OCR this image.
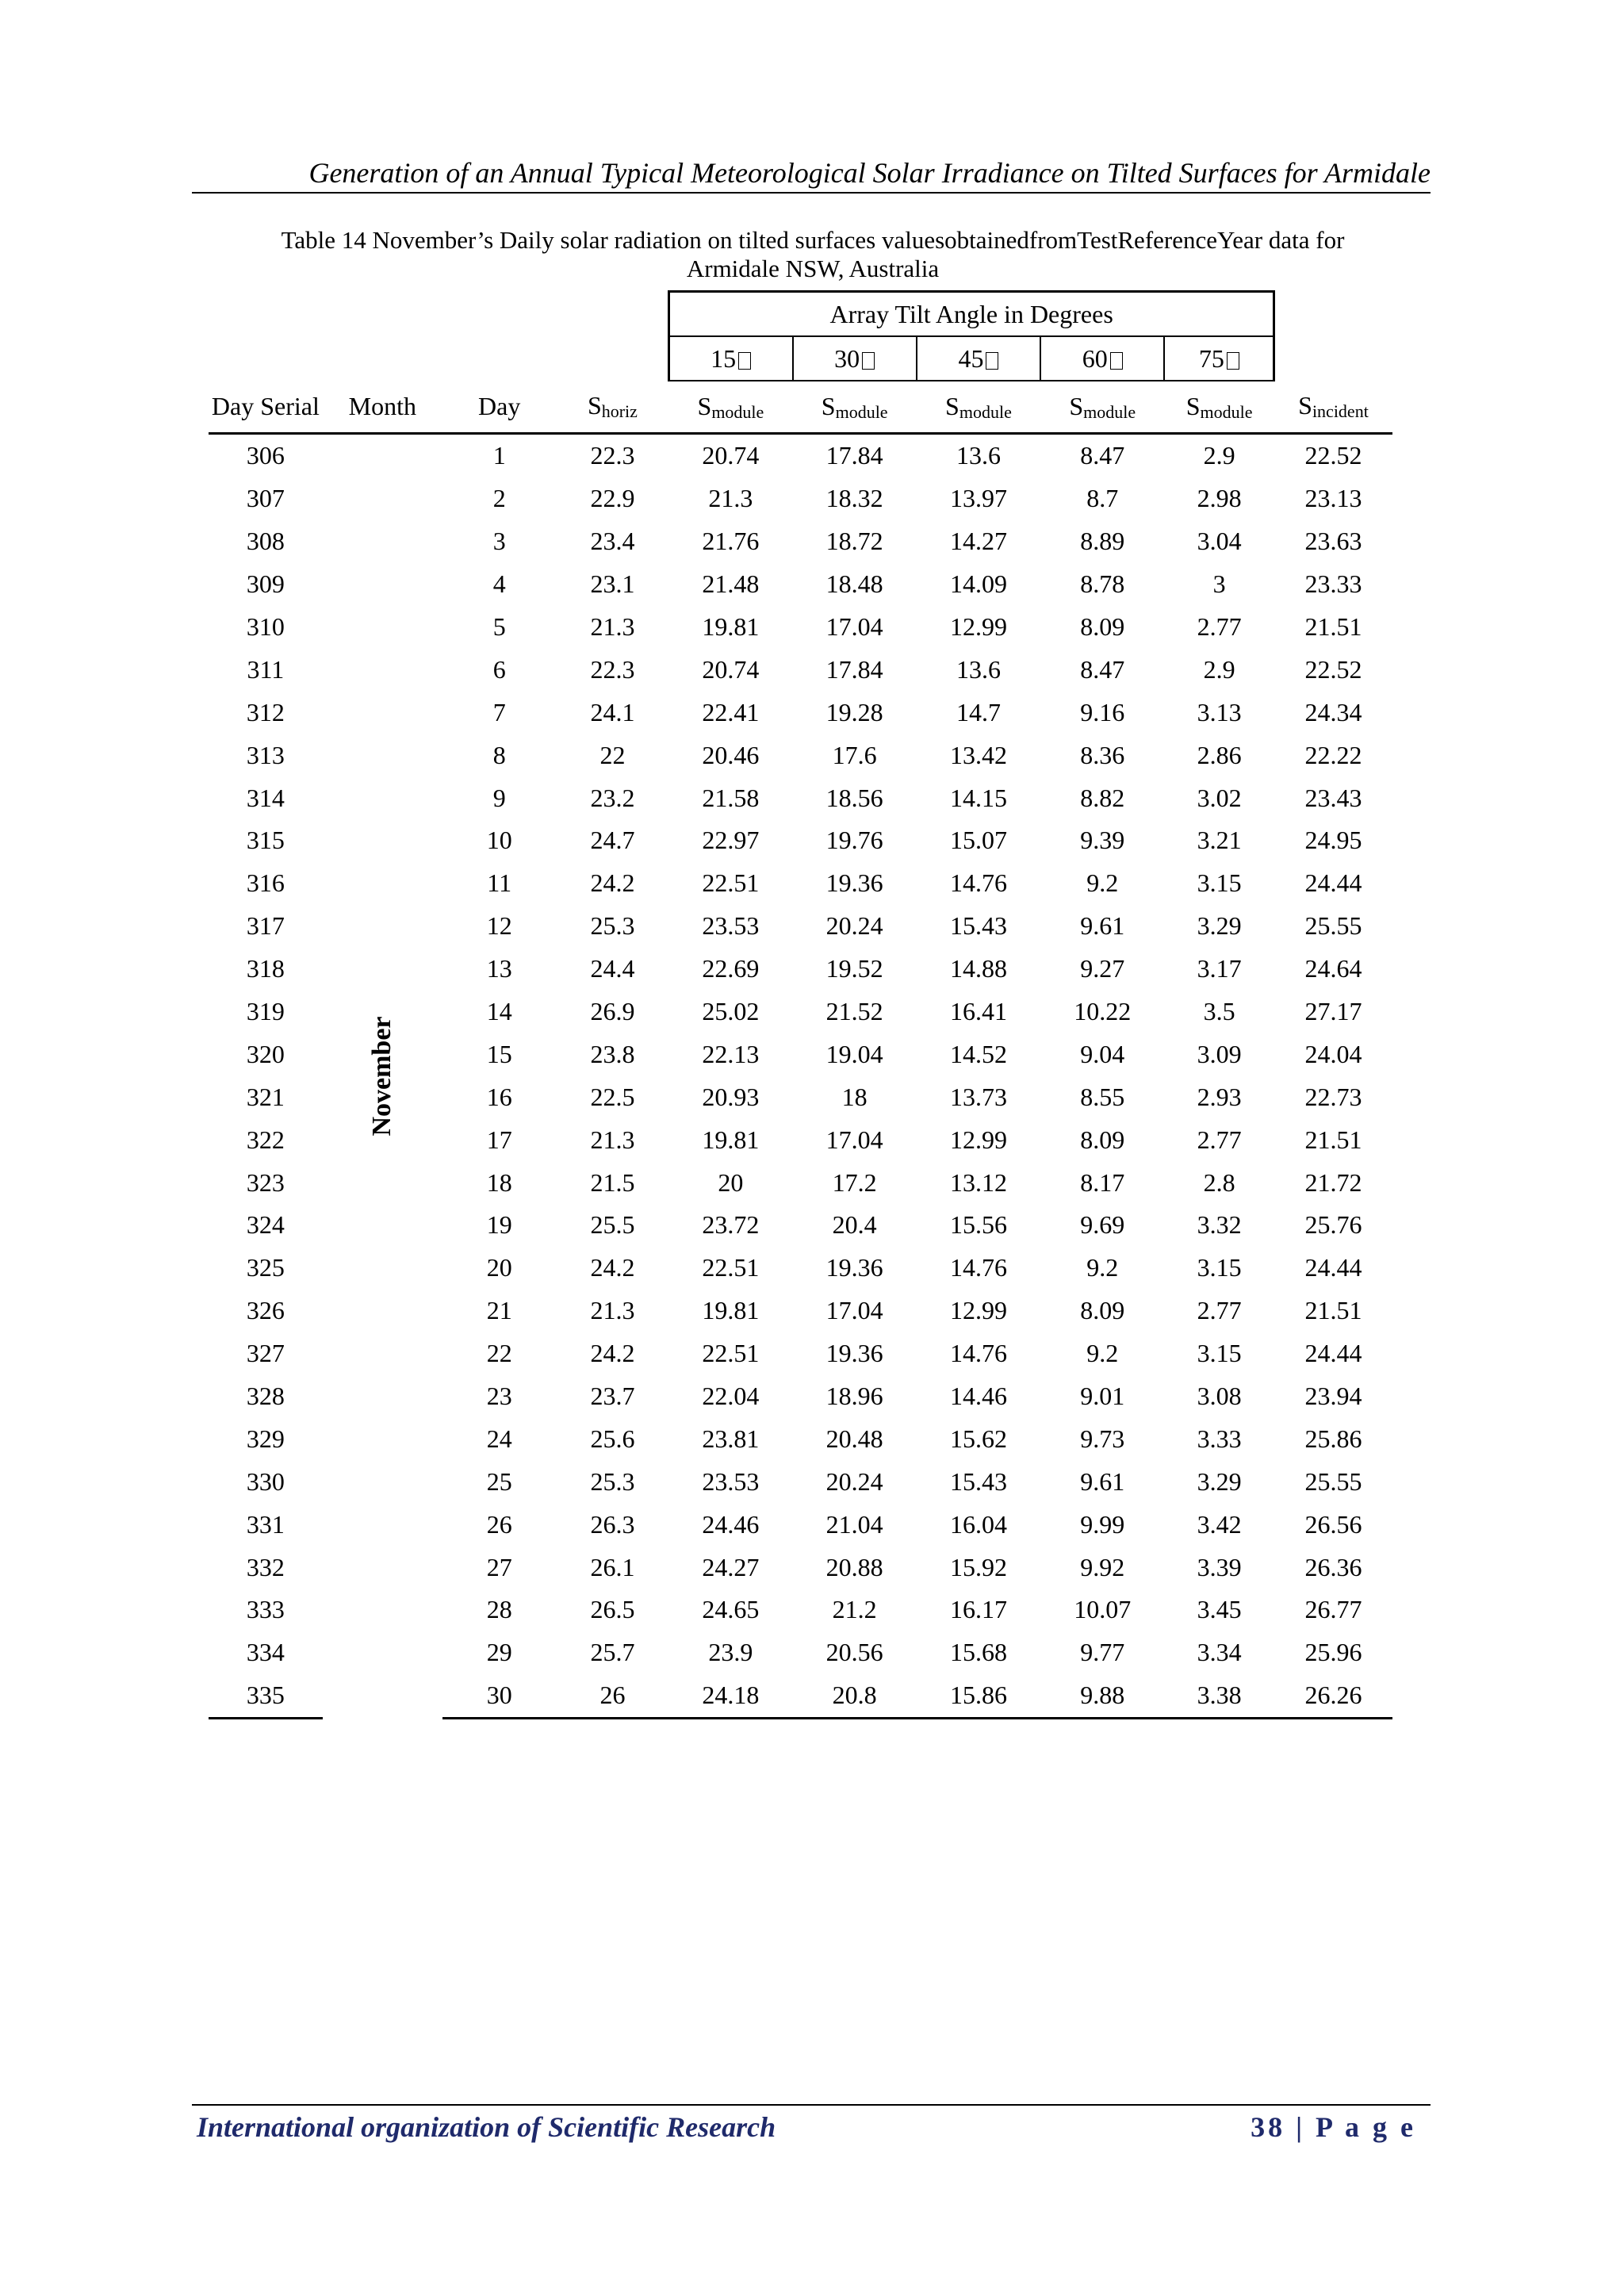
Generation of an Annual Typical Meteorological Solar Irradiance on Tilted Surfaces for Armidale
Table 14 November’s Daily solar radiation on tilted surfaces valuesobtainedfromTestReferenceYear data for
Armidale NSW, Australia
				Array Tilt Angle in Degrees					
				15	30	45	60	75	
Day Serial	Month	Day	$S_{horiz}$	$S_{module}$	$S_{module}$	$S_{module}$	$S_{module}$	$S_{module}$	$S_{incident}$
306	November	1	22.3	20.74	17.84	13.6	8.47	2.9	22.52
307		2	22.9	21.3	18.32	13.97	8.7	2.98	23.13
308		3	23.4	21.76	18.72	14.27	8.89	3.04	23.63
309		4	23.1	21.48	18.48	14.09	8.78	3	23.33
310		5	21.3	19.81	17.04	12.99	8.09	2.77	21.51
311		6	22.3	20.74	17.84	13.6	8.47	2.9	22.52
312		7	24.1	22.41	19.28	14.7	9.16	3.13	24.34
313		8	22	20.46	17.6	13.42	8.36	2.86	22.22
314		9	23.2	21.58	18.56	14.15	8.82	3.02	23.43
315		10	24.7	22.97	19.76	15.07	9.39	3.21	24.95
316		11	24.2	22.51	19.36	14.76	9.2	3.15	24.44
317		12	25.3	23.53	20.24	15.43	9.61	3.29	25.55
318		13	24.4	22.69	19.52	14.88	9.27	3.17	24.64
319		14	26.9	25.02	21.52	16.41	10.22	3.5	27.17
320		15	23.8	22.13	19.04	14.52	9.04	3.09	24.04
321		16	22.5	20.93	18	13.73	8.55	2.93	22.73
322		17	21.3	19.81	17.04	12.99	8.09	2.77	21.51
323		18	21.5	20	17.2	13.12	8.17	2.8	21.72
324		19	25.5	23.72	20.4	15.56	9.69	3.32	25.76
325		20	24.2	22.51	19.36	14.76	9.2	3.15	24.44
326		21	21.3	19.81	17.04	12.99	8.09	2.77	21.51
327		22	24.2	22.51	19.36	14.76	9.2	3.15	24.44
328		23	23.7	22.04	18.96	14.46	9.01	3.08	23.94
329		24	25.6	23.81	20.48	15.62	9.73	3.33	25.86
330		25	25.3	23.53	20.24	15.43	9.61	3.29	25.55
331		26	26.3	24.46	21.04	16.04	9.99	3.42	26.56
332		27	26.1	24.27	20.88	15.92	9.92	3.39	26.36
333		28	26.5	24.65	21.2	16.17	10.07	3.45	26.77
334		29	25.7	23.9	20.56	15.68	9.77	3.34	25.96
335		30	26	24.18	20.8	15.86	9.88	3.38	26.26
International organization of Scientific Research	38 | P a g e
